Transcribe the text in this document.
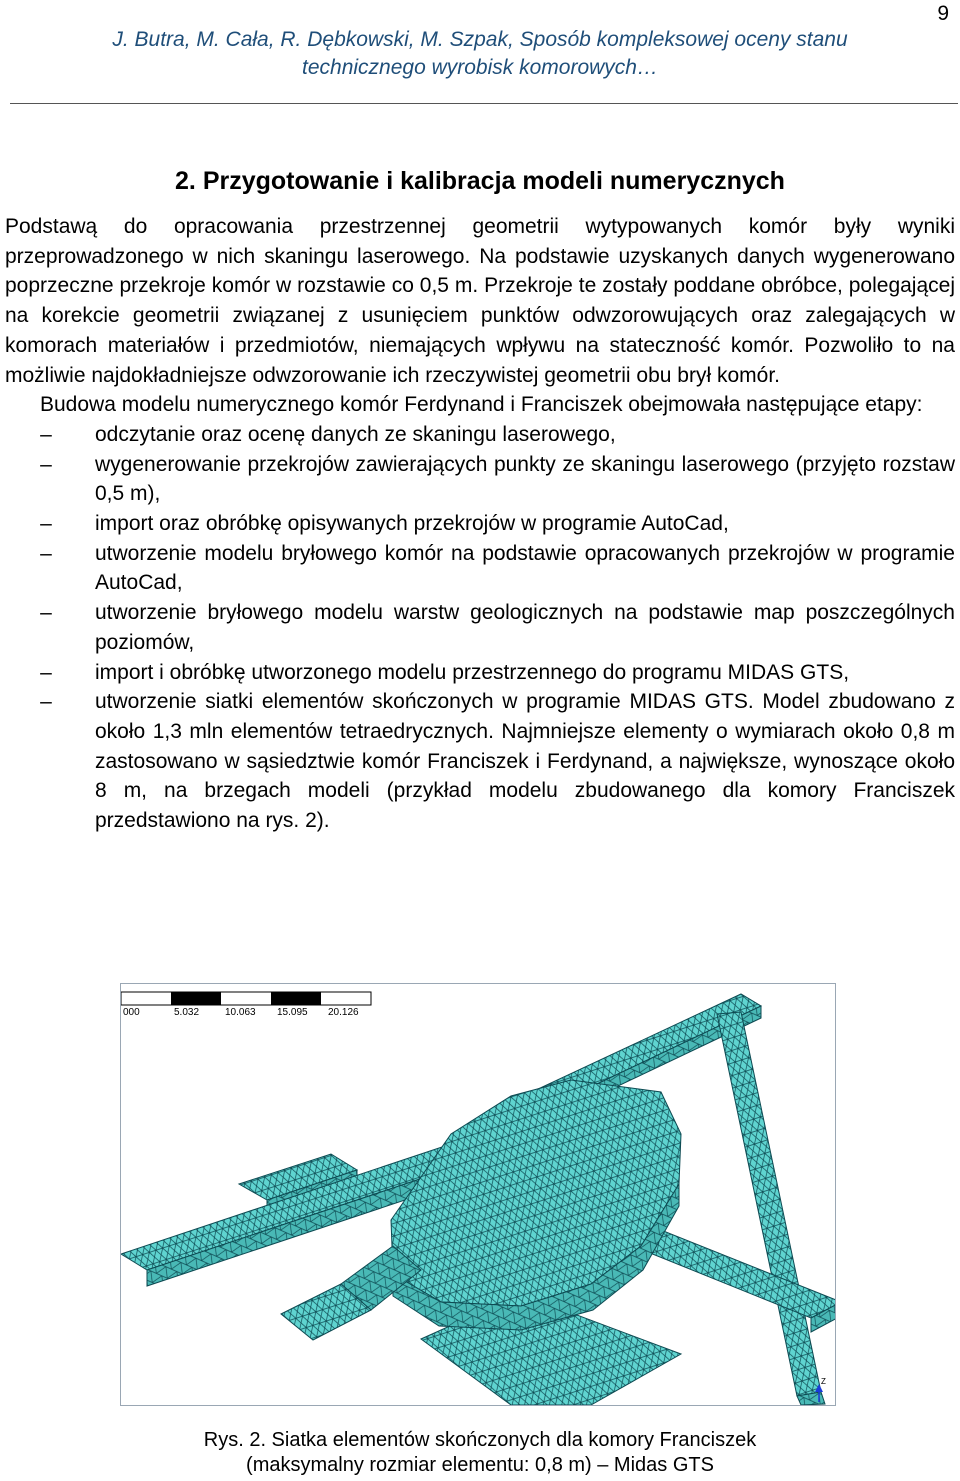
9
J. Butra, M. Cała, R. Dębkowski, M. Szpak, Sposób kompleksowej oceny stanu
technicznego wyrobisk komorowych…
2. Przygotowanie i kalibracja modeli numerycznych

Podstawą do opracowania przestrzennej geometrii wytypowanych komór były wyniki przeprowadzonego w nich skaningu laserowego. Na podstawie uzyskanych danych wygenerowano poprzeczne przekroje komór w rozstawie co 0,5 m. Przekroje te zostały poddane obróbce, polegającej na korekcie geometrii związanej z usunięciem punktów odwzorowujących oraz zalegających w komorach materiałów i przedmiotów, niemających wpływu na stateczność komór. Pozwoliło to na możliwie najdokładniejsze odwzorowanie ich rzeczywistej geometrii obu brył komór.

Budowa modelu numerycznego komór Ferdynand i Franciszek obejmowała następujące etapy:

–	odczytanie oraz ocenę danych ze skaningu laserowego,
–	wygenerowanie przekrojów zawierających punkty ze skaningu laserowego (przyjęto rozstaw 0,5 m),
–	import oraz obróbkę opisywanych przekrojów w programie AutoCad,
–	utworzenie modelu bryłowego komór na podstawie opracowanych przekrojów w programie AutoCad,
–	utworzenie bryłowego modelu warstw geologicznych na podstawie map poszczególnych poziomów,
–	import i obróbkę utworzonego modelu przestrzennego do programu MIDAS GTS,
–	utworzenie siatki elementów skończonych w programie MIDAS GTS. Model zbudowano z około 1,3 mln elementów tetraedrycznych. Najmniejsze elementy o wymiarach około 0,8 m zastosowano w sąsiedztwie komór Franciszek i Ferdynand, a największe, wynoszące około 8 m, na brzegach modeli (przykład modelu zbudowanego dla komory Franciszek przedstawiono na rys. 2).
000	5.032	10.063 15.095 20.126
Z
Rys. 2. Siatka elementów skończonych dla komory Franciszek
(maksymalny rozmiar elementu: 0,8 m) – Midas GTS
